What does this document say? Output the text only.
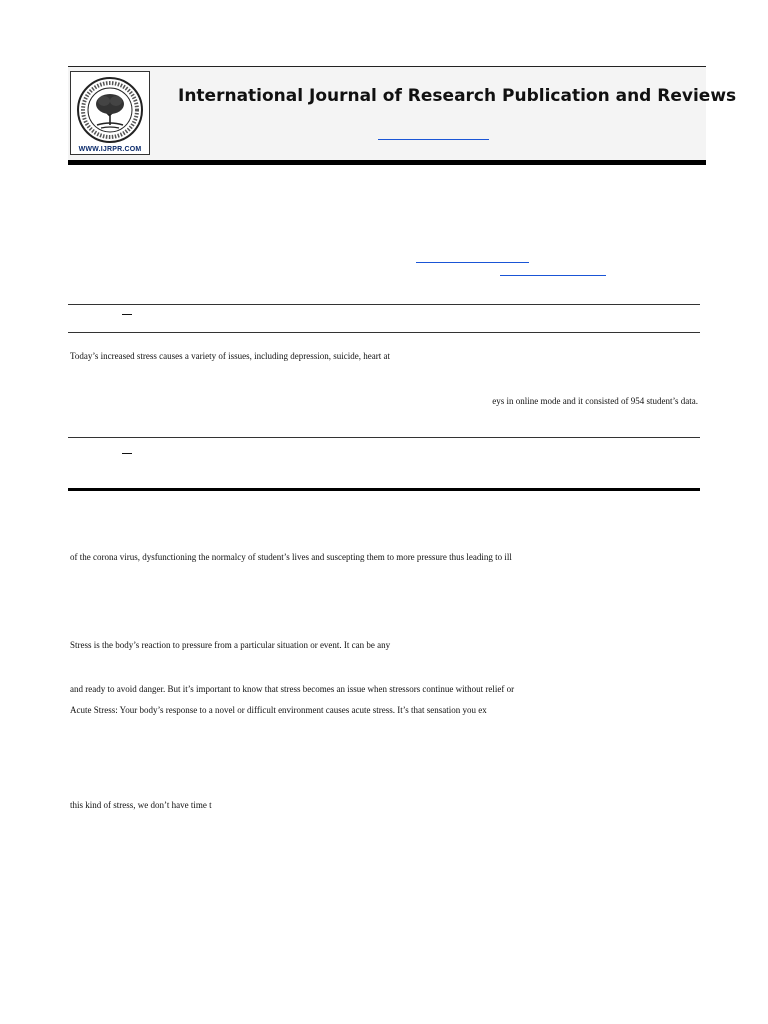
WWW.IJRPR.COM
International Journal of Research Publication and Reviews
Today’s increased stress causes a variety of issues, including depression, suicide, heart at
eys in online mode and it consisted of 954 student’s data.
of the corona virus, dysfunctioning the normalcy of student’s lives and suscepting them to more pressure thus leading to ill
Stress is the body’s reaction to pressure from a particular situation or event. It can be any
and ready to avoid danger. But it’s important to know that stress becomes an issue when stressors continue without relief or
Acute Stress: Your body’s response to a novel or difficult environment causes acute stress. It’s that sensation you ex
this kind of stress, we don’t have time t
